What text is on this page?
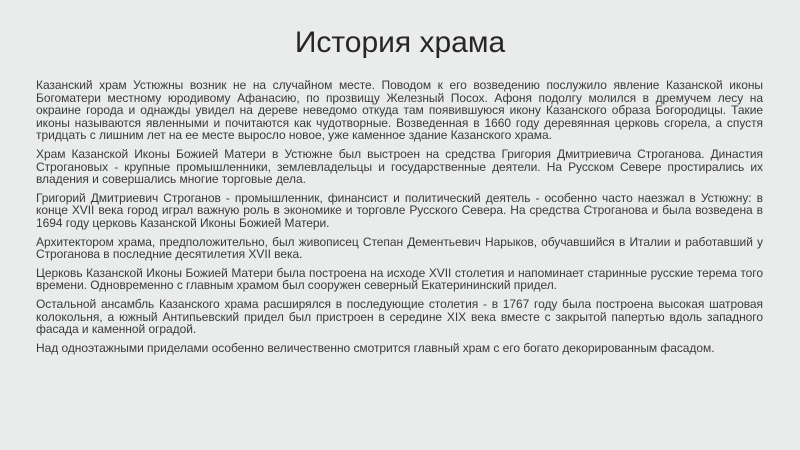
История храма

Казанский храм Устюжны возник не на случайном месте. Поводом к его возведению послужило явление Казанской иконы Богоматери местному юродивому Афанасию, по прозвищу Железный Посох. Афоня подолгу молился в дремучем лесу на окраине города и однажды увидел на дереве неведомо откуда там появившуюся икону Казанского образа Богородицы. Такие иконы называются явленными и почитаются как чудотворные. Возведенная в 1660 году деревянная церковь сгорела, а спустя тридцать с лишним лет на ее месте выросло новое, уже каменное здание Казанского храма.

Храм Казанской Иконы Божией Матери в Устюжне был выстроен на средства Григория Дмитриевича Строганова. Династия Строгановых - крупные промышленники, землевладельцы и государственные деятели. На Русском Севере простирались их владения и совершались многие торговые дела.

Григорий Дмитриевич Строганов - промышленник, финансист и политический деятель - особенно часто наезжал в Устюжну: в конце XVII века город играл важную роль в экономике и торговле Русского Севера. На средства Строганова и была возведена в 1694 году церковь Казанской Иконы Божией Матери.

Архитектором храма, предположительно, был живописец Степан Дементьевич Нарыков, обучавшийся в Италии и работавший у Строганова в последние десятилетия XVII века.

Церковь Казанской Иконы Божией Матери была построена на исходе XVII столетия и напоминает старинные русские терема того времени. Одновременно с главным храмом был сооружен северный Екатерининский придел.

Остальной ансамбль Казанского храма расширялся в последующие столетия - в 1767 году была построена высокая шатровая колокольня, а южный Антипьевский придел был пристроен в середине XIX века вместе с закрытой папертью вдоль западного фасада и каменной оградой.

Над одноэтажными приделами особенно величественно смотрится главный храм с его богато декорированным фасадом.
